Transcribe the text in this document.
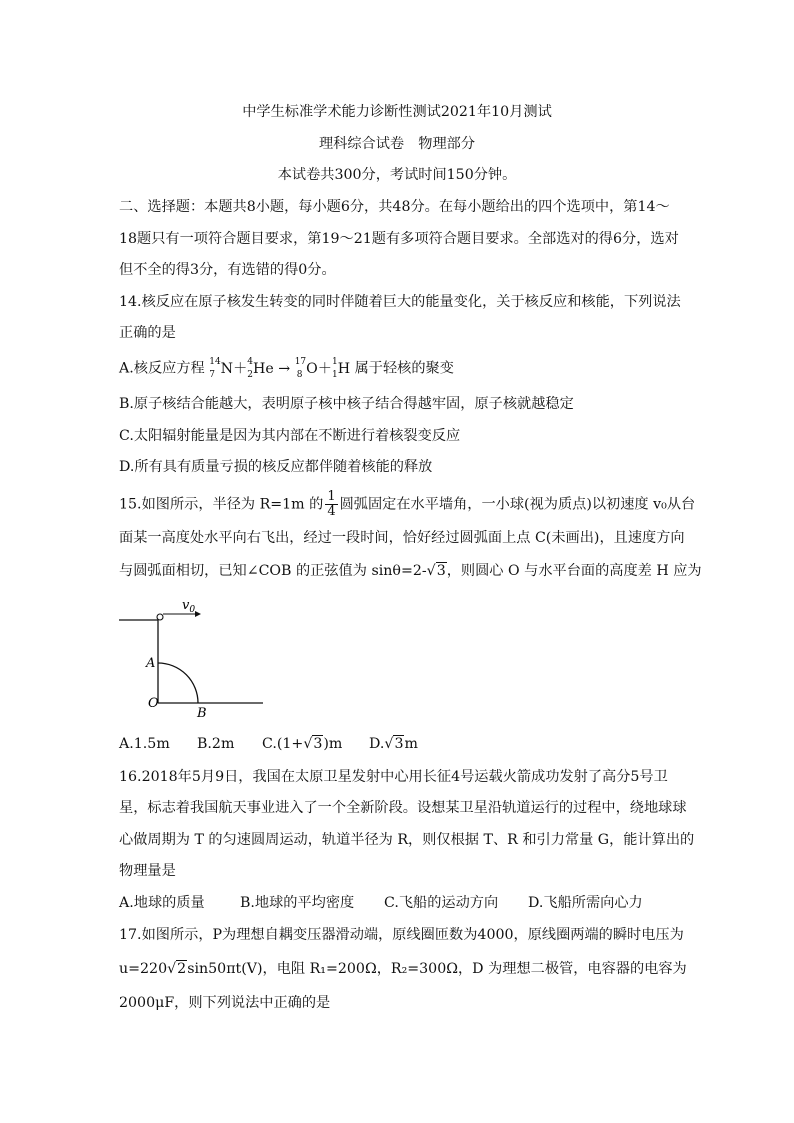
中学生标准学术能力诊断性测试2021年10月测试
理科综合试卷　物理部分
本试卷共300分，考试时间150分钟。
二、选择题：本题共8小题，每小题6分，共48分。在每小题给出的四个选项中，第14～
18题只有一项符合题目要求，第19～21题有多项符合题目要求。全部选对的得6分，选对
但不全的得3分，有选错的得0分。
14.核反应在原子核发生转变的同时伴随着巨大的能量变化，关于核反应和核能，下列说法
正确的是
A.核反应方程 $^{14}$
7 N＋$^4$
2 He → $^{17}$
8 O＋$^1$
1 H 属于轻核的聚变
B.原子核结合能越大，表明原子核中核子结合得越牢固，原子核就越稳定
C.太阳辐射能量是因为其内部在不断进行着核裂变反应
D.所有具有质量亏损的核反应都伴随着核能的释放
15.如图所示，半径为 R=1m 的 $\frac{1}{4}$ 圆弧固定在水平墙角，一小球(视为质点)以初速度 v₀从台
面某一高度处水平向右飞出，经过一段时间，恰好经过圆弧面上点 C(未画出)，且速度方向
与圆弧面相切，已知∠COB 的正弦值为 sinθ=2-√3，则圆心 O 与水平台面的高度差 H 应为
$v_0$
A
O
B
A.1.5m B.2m C.(1+√3)m D.√3m
16.2018年5月9日，我国在太原卫星发射中心用长征4号运载火箭成功发射了高分5号卫
星，标志着我国航天事业进入了一个全新阶段。设想某卫星沿轨道运行的过程中，绕地球球
心做周期为 T 的匀速圆周运动，轨道半径为 R，则仅根据 T、R 和引力常量 G，能计算出的
物理量是
A.地球的质量 B.地球的平均密度 C.飞船的运动方向 D.飞船所需向心力
17.如图所示，P为理想自耦变压器滑动端，原线圈匝数为4000，原线圈两端的瞬时电压为
u=220√2sin50πt(V)，电阻 R₁=200Ω，R₂=300Ω，D 为理想二极管，电容器的电容为
2000μF，则下列说法中正确的是
